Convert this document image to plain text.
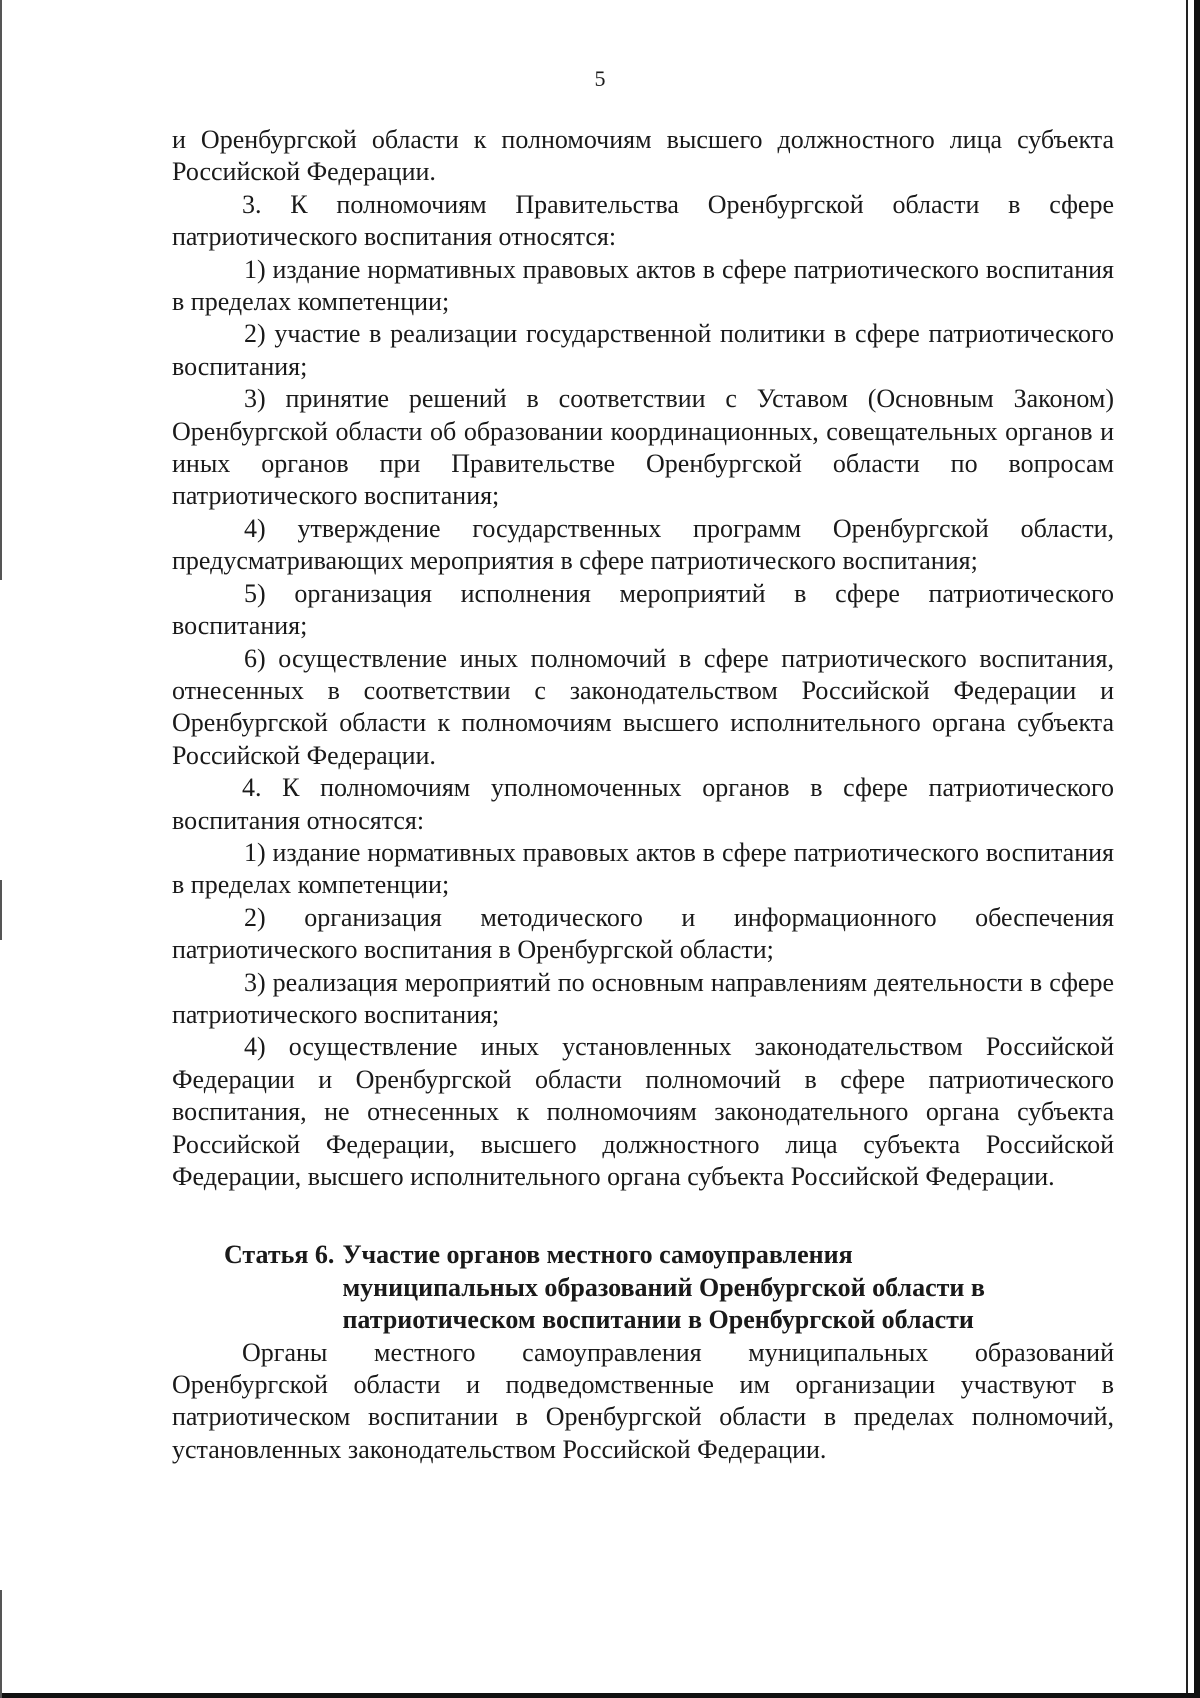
5

и Оренбургской области к полномочиям высшего должностного лица субъекта Российской Федерации.

3. К полномочиям Правительства Оренбургской области в сфере патриотического воспитания относятся:

1) издание нормативных правовых актов в сфере патриотического воспитания в пределах компетенции;

2) участие в реализации государственной политики в сфере патриотического воспитания;

3) принятие решений в соответствии с Уставом (Основным Законом) Оренбургской области об образовании координационных, совещательных органов и иных органов при Правительстве Оренбургской области по вопросам патриотического воспитания;

4) утверждение государственных программ Оренбургской области, предусматривающих мероприятия в сфере патриотического воспитания;

5) организация исполнения мероприятий в сфере патриотического воспитания;

6) осуществление иных полномочий в сфере патриотического воспитания, отнесенных в соответствии с законодательством Российской Федерации и Оренбургской области к полномочиям высшего исполнительного органа субъекта Российской Федерации.

4. К полномочиям уполномоченных органов в сфере патриотического воспитания относятся:

1) издание нормативных правовых актов в сфере патриотического воспитания в пределах компетенции;

2) организация методического и информационного обеспечения патриотического воспитания в Оренбургской области;

3) реализация мероприятий по основным направлениям деятельности в сфере патриотического воспитания;

4) осуществление иных установленных законодательством Российской Федерации и Оренбургской области полномочий в сфере патриотического воспитания, не отнесенных к полномочиям законодательного органа субъекта Российской Федерации, высшего должностного лица субъекта Российской Федерации, высшего исполнительного органа субъекта Российской Федерации.

Статья 6. Участие органов местного самоуправления
муниципальных образований Оренбургской области в
патриотическом воспитании в Оренбургской области

Органы местного самоуправления муниципальных образований Оренбургской области и подведомственные им организации участвуют в патриотическом воспитании в Оренбургской области в пределах полномочий, установленных законодательством Российской Федерации.
